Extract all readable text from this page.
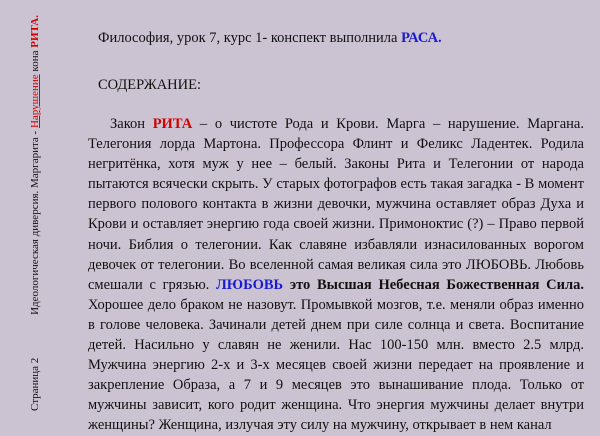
Страница 2
Идеологическая диверсия. Маргарита - Нарушение кона РИТА.	Философия, урок 7, курс 1- конспект выполнила РАСА.
СОДЕРЖАНИЕ:

Закон РИТА – о чистоте Рода и Крови. Марга – нарушение. Маргана. Телегония лорда Мартона. Профессора Флинт и Феликс Ладентек. Родила негритёнка, хотя муж у нее – белый. Законы Рита и Телегонии от народа пытаются всячески скрыть. У старых фотографов есть такая загадка - В момент первого полового контакта в жизни девочки, мужчина оставляет образ Духа и Крови и оставляет энергию года своей жизни. Примоноктис (?) – Право первой ночи. Библия о телегонии. Как славяне избавляли изнасилованных ворогом девочек от телегонии. Во вселенной самая великая сила это ЛЮБОВЬ. Любовь смешали с грязью. ЛЮБОВЬ это Высшая Небесная Божественная Сила. Хорошее дело браком не назовут. Промывкой мозгов, т.е. меняли образ именно в голове человека. Зачинали детей днем при силе солнца и света. Воспитание детей. Насильно у славян не женили. Нас 100-150 млн. вместо 2.5 млрд. Мужчина энергию 2-х и 3-х месяцев своей жизни передает на проявление и закрепление Образа, а 7 и 9 месяцев это вынашивание плода. Только от мужчины зависит, кого родит женщина. Что энергия мужчины делает внутри женщины? Женщина, излучая эту силу на мужчину, открывает в нем канал
